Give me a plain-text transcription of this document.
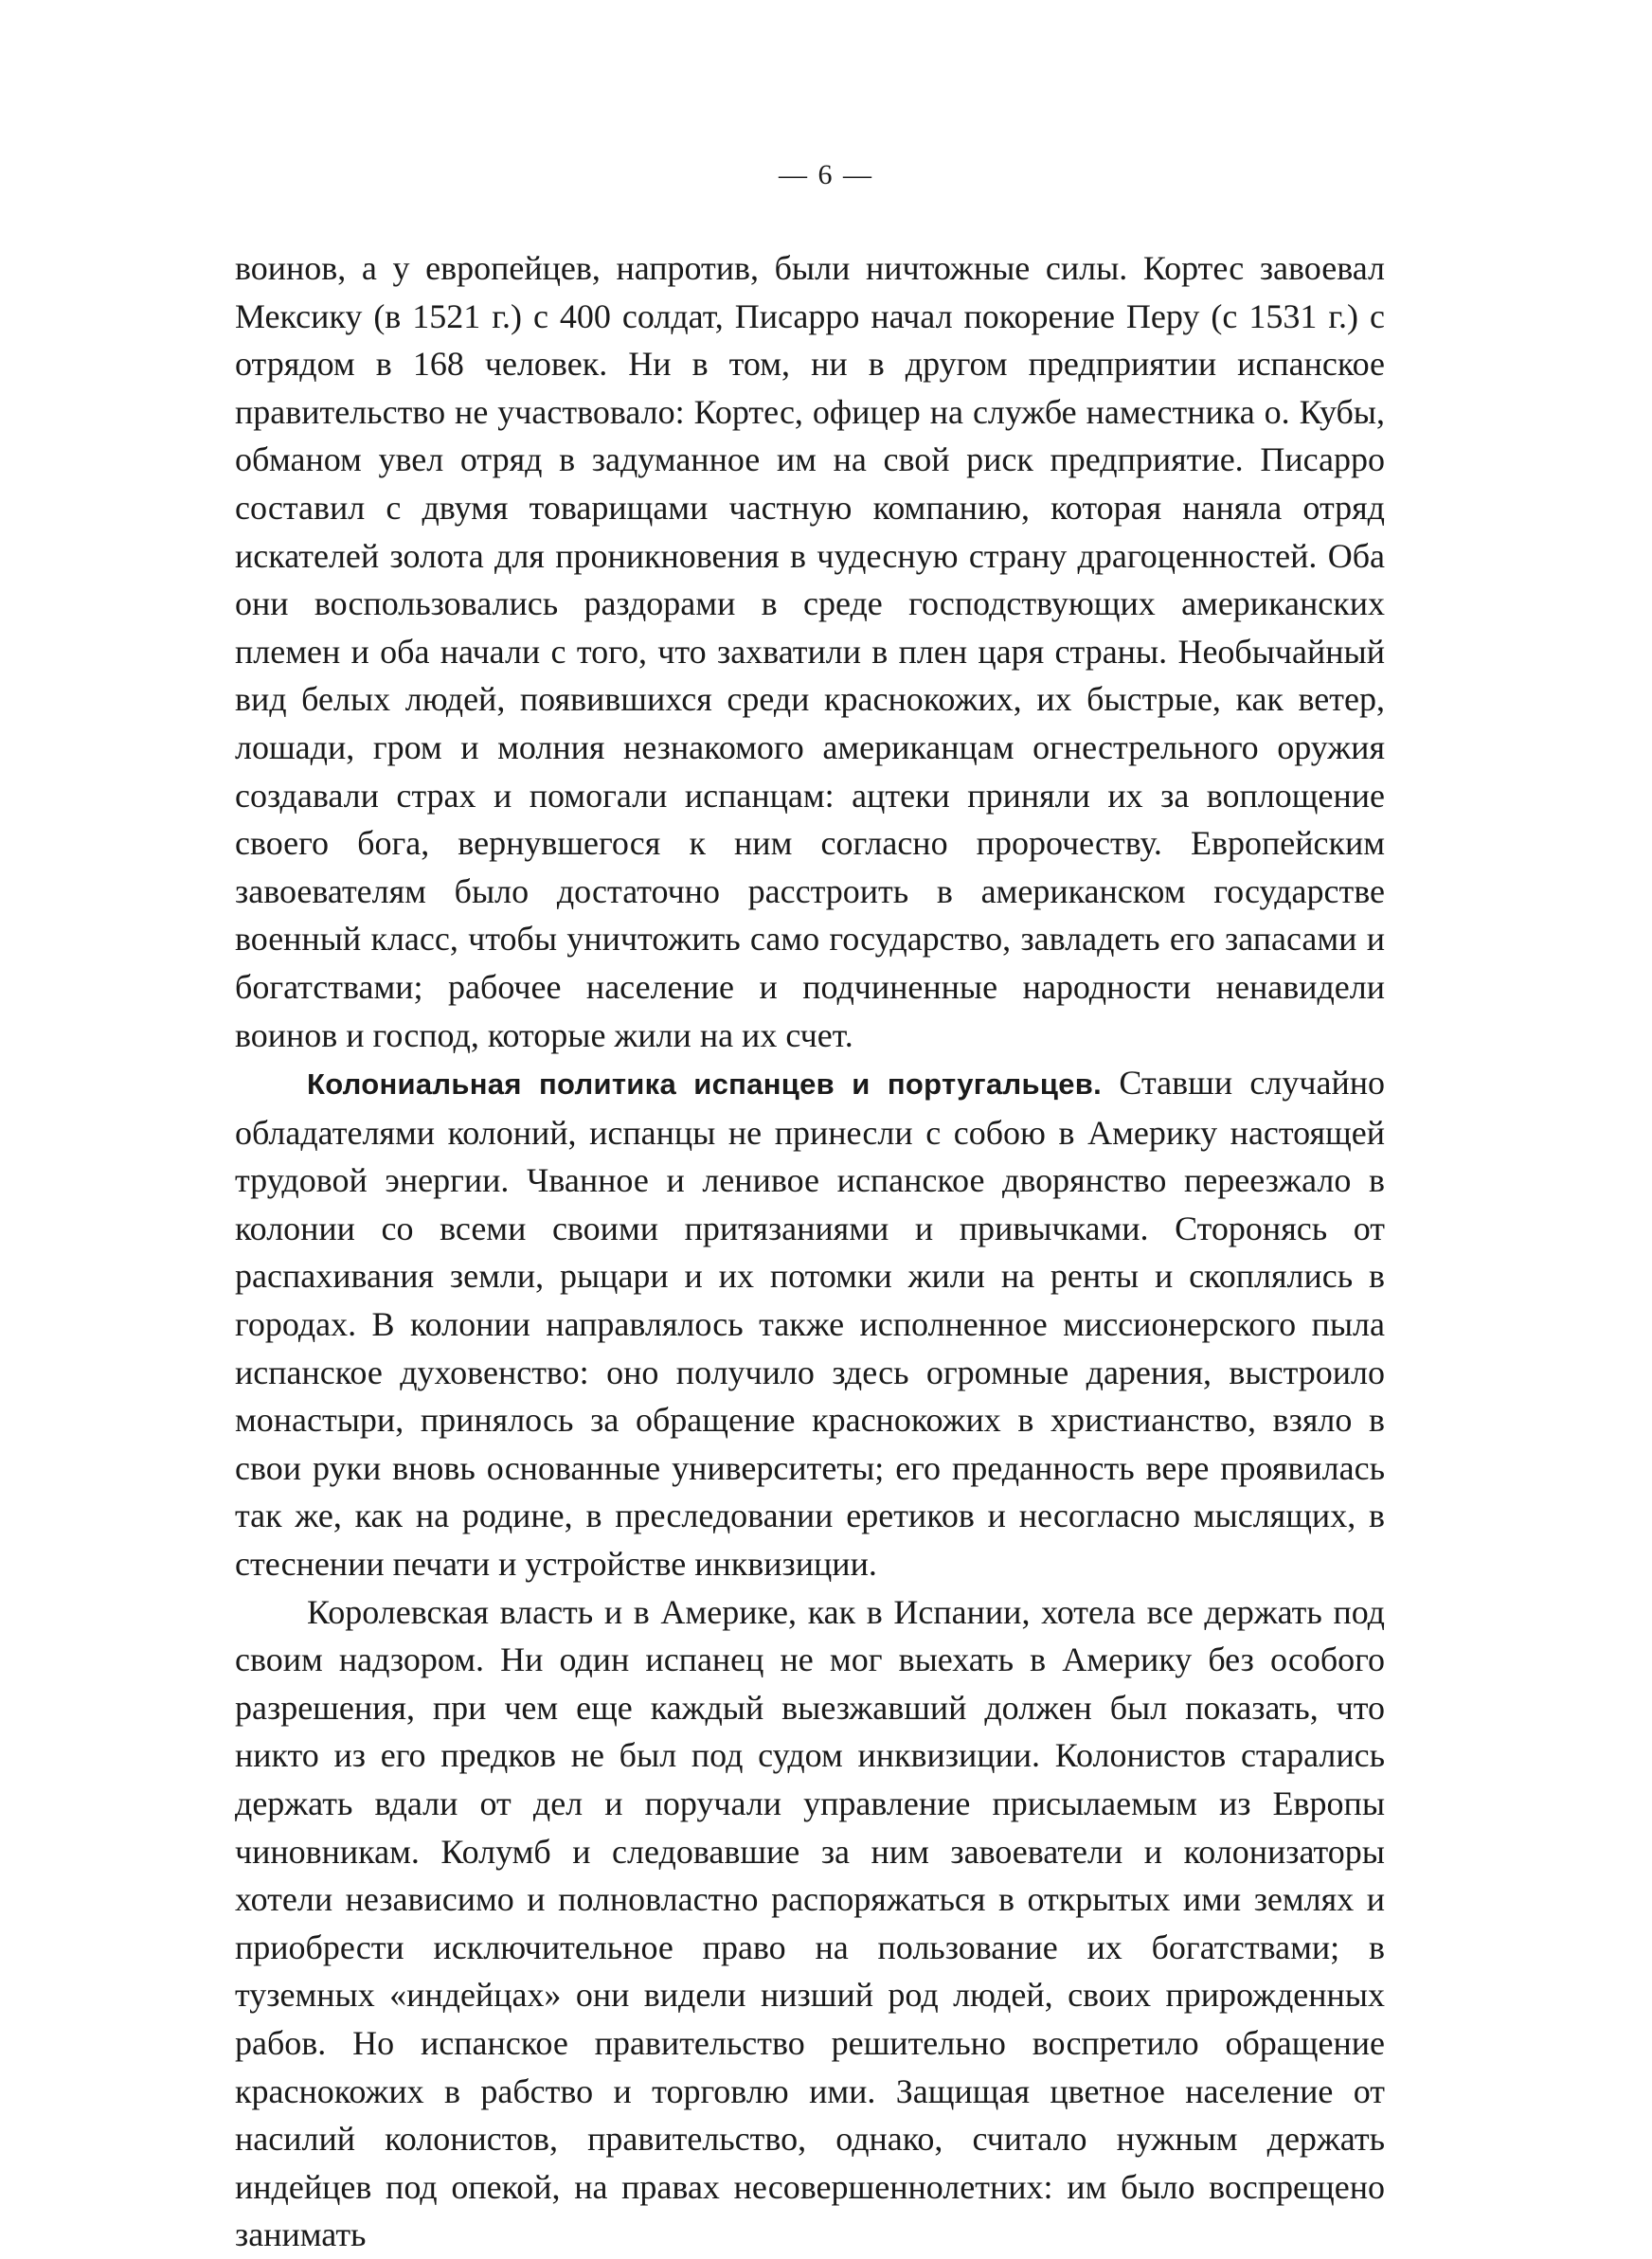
— 6 —

воинов, а у европейцев, напротив, были ничтожные силы. Кортес завоевал Мексику (в 1521 г.) с 400 солдат, Писарро начал покорение Перу (с 1531 г.) с отрядом в 168 человек. Ни в том, ни в другом предприятии испанское правительство не участвовало: Кортес, офицер на службе наместника о. Кубы, обманом увел отряд в задуманное им на свой риск предприятие. Писарро составил с двумя товарищами частную компанию, которая наняла отряд искателей золота для проникновения в чудесную страну драгоценностей. Оба они воспользовались раздорами в среде господствующих американских племен и оба начали с того, что захватили в плен царя страны. Необычайный вид белых людей, появившихся среди краснокожих, их быстрые, как ветер, лошади, гром и молния незнакомого американцам огнестрельного оружия создавали страх и помогали испанцам: ацтеки приняли их за воплощение своего бога, вернувшегося к ним согласно пророчеству. Европейским завоевателям было достаточно расстроить в американском государстве военный класс, чтобы уничтожить само государство, завладеть его запасами и богатствами; рабочее население и подчиненные народности ненавидели воинов и господ, которые жили на их счет.

Колониальная политика испанцев и португальцев. Ставши случайно обладателями колоний, испанцы не принесли с собою в Америку настоящей трудовой энергии. Чванное и ленивое испанское дворянство переезжало в колонии со всеми своими притязаниями и привычками. Сторонясь от распахивания земли, рыцари и их потомки жили на ренты и скоплялись в городах. В колонии направлялось также исполненное миссионерского пыла испанское духовенство: оно получило здесь огромные дарения, выстроило монастыри, принялось за обращение краснокожих в христианство, взяло в свои руки вновь основанные университеты; его преданность вере проявилась так же, как на родине, в преследовании еретиков и несогласно мыслящих, в стеснении печати и устройстве инквизиции.

Королевская власть и в Америке, как в Испании, хотела все держать под своим надзором. Ни один испанец не мог выехать в Америку без особого разрешения, при чем еще каждый выезжавший должен был показать, что никто из его предков не был под судом инквизиции. Колонистов старались держать вдали от дел и поручали управление присылаемым из Европы чиновникам. Колумб и следовавшие за ним завоеватели и колонизаторы хотели независимо и полновластно распоряжаться в открытых ими землях и приобрести исключительное право на пользование их богатствами; в туземных «индейцах» они видели низший род людей, своих прирожденных рабов. Но испанское правительство решительно воспретило обращение краснокожих в рабство и торговлю ими. Защищая цветное население от насилий колонистов, правительство, однако, считало нужным держать индейцев под опекой, на правах несовершеннолетних: им было воспрещено занимать
